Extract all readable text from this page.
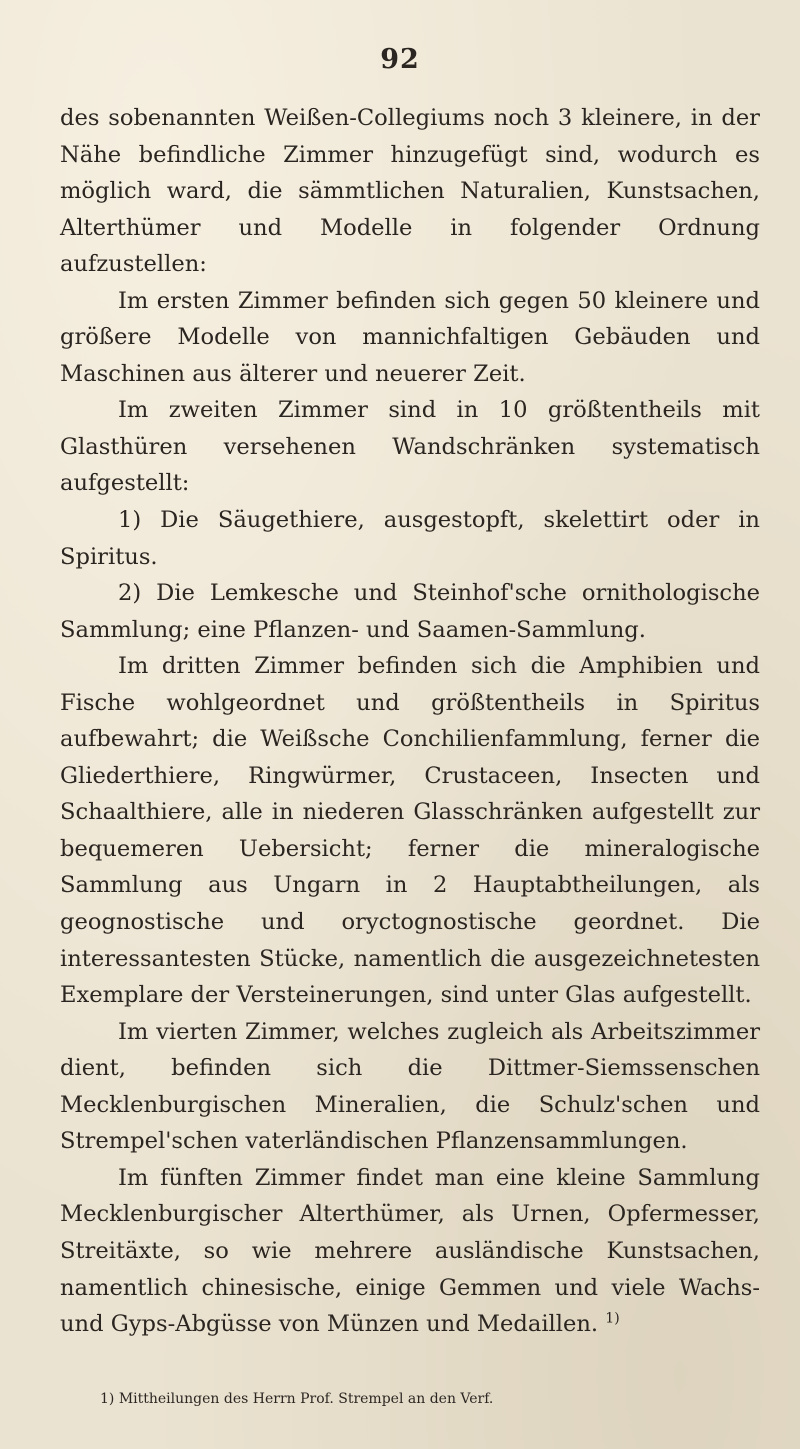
92

des sobenannten Weißen-Collegiums noch 3 kleinere, in der Nähe befindliche Zimmer hinzugefügt sind, wodurch es möglich ward, die sämmtlichen Naturalien, Kunstsachen, Alterthümer und Modelle in folgender Ordnung aufzustellen:

Im ersten Zimmer befinden sich gegen 50 kleinere und größere Modelle von mannichfaltigen Gebäuden und Maschinen aus älterer und neuerer Zeit.

Im zweiten Zimmer sind in 10 größtentheils mit Glasthüren versehenen Wandschränken systematisch aufgestellt:

1) Die Säugethiere, ausgestopft, skelettirt oder in Spiritus.

2) Die Lemkesche und Steinhof'sche ornithologische Sammlung; eine Pflanzen- und Saamen-Sammlung.

Im dritten Zimmer befinden sich die Amphibien und Fische wohlgeordnet und größtentheils in Spiritus aufbewahrt; die Weißsche Conchilienfammlung, ferner die Gliederthiere, Ringwürmer, Crustaceen, Insecten und Schaalthiere, alle in niederen Glasschränken aufgestellt zur bequemeren Uebersicht; ferner die mineralogische Sammlung aus Ungarn in 2 Hauptabtheilungen, als geognostische und oryctognostische geordnet. Die interessantesten Stücke, namentlich die ausgezeichnetesten Exemplare der Versteinerungen, sind unter Glas aufgestellt.

Im vierten Zimmer, welches zugleich als Arbeitszimmer dient, befinden sich die Dittmer-Siemssenschen Mecklenburgischen Mineralien, die Schulz'schen und Strempel'schen vaterländischen Pflanzensammlungen.

Im fünften Zimmer findet man eine kleine Sammlung Mecklenburgischer Alterthümer, als Urnen, Opfermesser, Streitäxte, so wie mehrere ausländische Kunstsachen, namentlich chinesische, einige Gemmen und viele Wachs- und Gyps-Abgüsse von Münzen und Medaillen. $^{1)}$

1) Mittheilungen des Herrn Prof. Strempel an den Verf.
